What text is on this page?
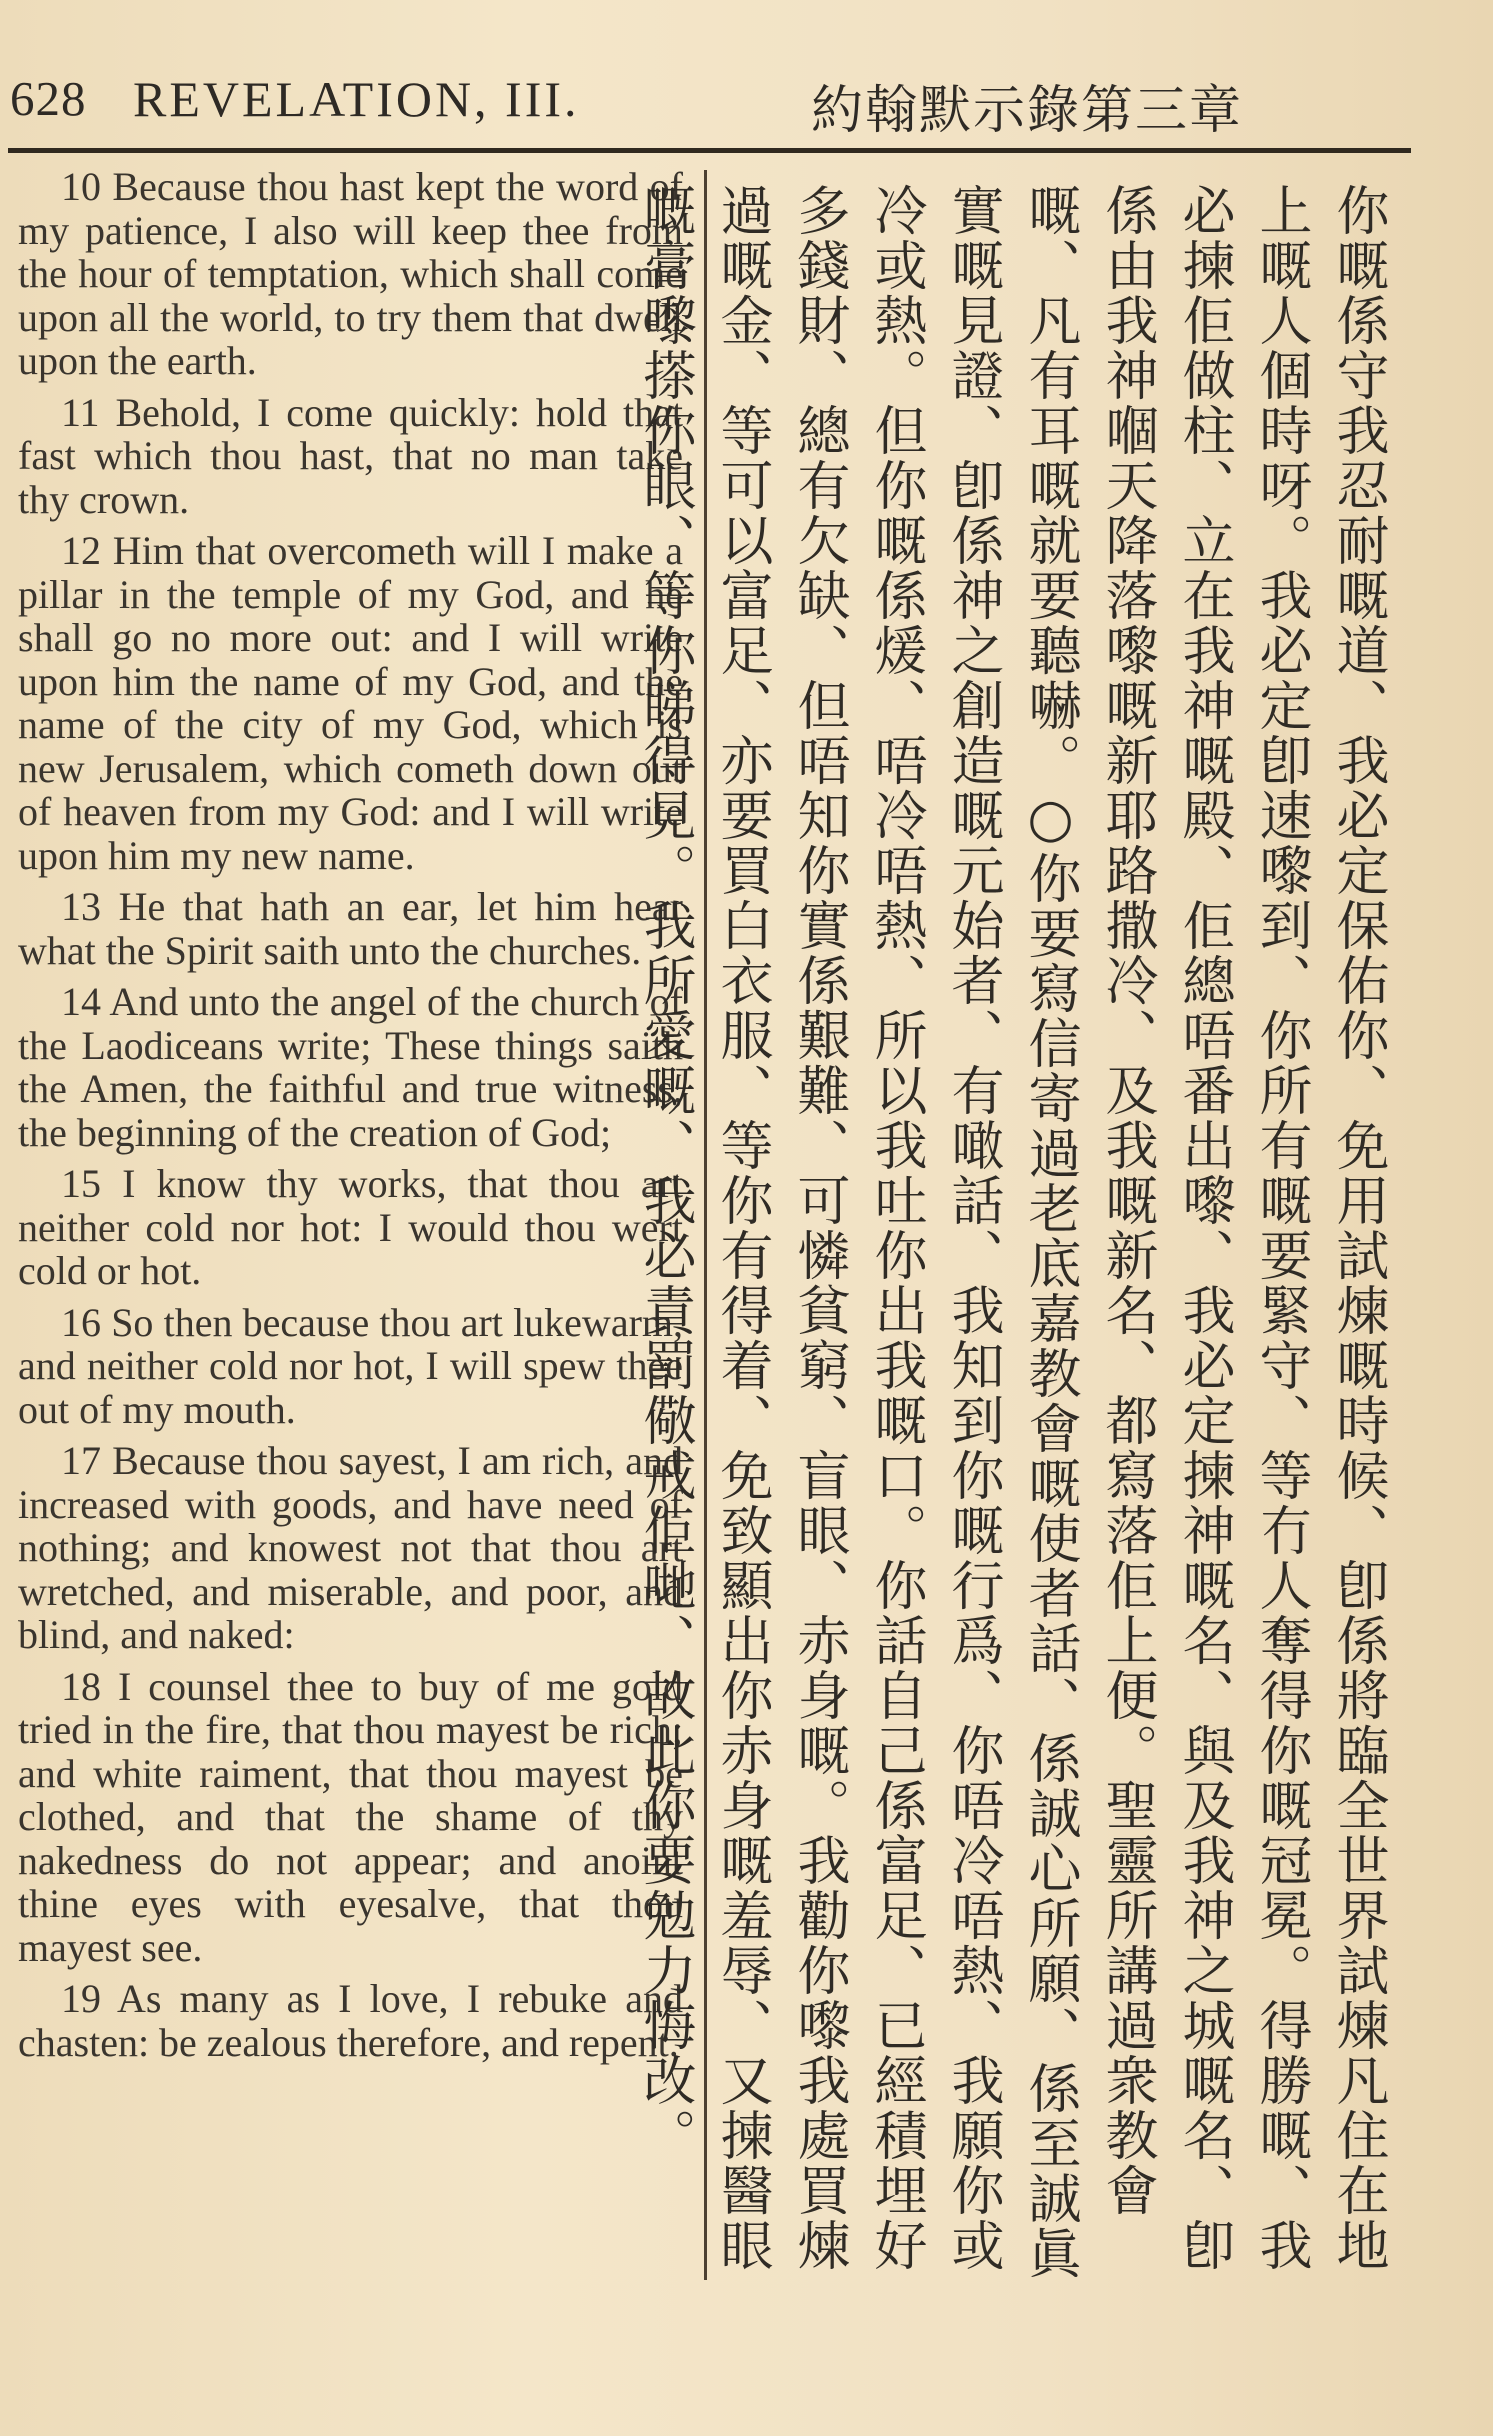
628 REVELATION, III.	約翰默示錄第三章

10 Because thou hast kept the word of my patience, I also will keep thee from the hour of temptation, which shall come upon all the world, to try them that dwell upon the earth.

11 Behold, I come quickly: hold that fast which thou hast, that no man take thy crown.

12 Him that overcometh will I make a pillar in the temple of my God, and he shall go no more out: and I will write upon him the name of my God, and the name of the city of my God, which is new Jerusalem, which cometh down out of heaven from my God: and I will write upon him my new name.

13 He that hath an ear, let him hear what the Spirit saith unto the churches.

14 And unto the angel of the church of the Laodiceans write; These things saith the Amen, the faithful and true witness, the beginning of the creation of God;

15 I know thy works, that thou art neither cold nor hot: I would thou wert cold or hot.

16 So then because thou art lukewarm, and neither cold nor hot, I will spew thee out of my mouth.

17 Because thou sayest, I am rich, and increased with goods, and have need of nothing; and knowest not that thou art wretched, and miserable, and poor, and blind, and naked:

18 I counsel thee to buy of me gold tried in the fire, that thou mayest be rich; and white raiment, that thou mayest be clothed, and that the shame of thy nakedness do not appear; and anoint thine eyes with eyesalve, that thou mayest see.

19 As many as I love, I rebuke and chasten: be zealous therefore, and repent.	你嘅係守我忍耐嘅道、我必定保佑你、免用試煉嘅時候、卽係將臨全世界試煉凡住在地上嘅人個時呀。我必定卽速嚟到、你所有嘅要緊守、等冇人奪得你嘅冠冕。得勝嘅、我必揀佢做柱、立在我神嘅殿、佢總唔番出嚟、我必定揀神嘅名、與及我神之城嘅名、卽係由我神嗰天降落嚟嘅新耶路撒冷、及我嘅新名、都寫落佢上便。聖靈所講過衆教會嘅、凡有耳嘅就要聽嚇。○你要寫信寄過老底嘉教會嘅使者話、係誠心所願、係至誠眞實嘅見證、卽係神之創造嘅元始者、有噉話、我知到你嘅行爲、你唔冷唔熱、我願你或冷或熱。但你嘅係煖、唔冷唔熱、所以我吐你出我嘅口。你話自己係富足、已經積埋好多錢財、總有欠缺、但唔知你實係艱難、可憐貧窮、盲眼、赤身嘅。我勸你嚟我處買煉過嘅金、等可以富足、亦要買白衣服、等你有得着、免致顯出你赤身嘅羞辱、又揀醫眼嘅膏嚟搽你眼、等你睇得見。我所愛嘅、我必責罰儆戒佢哋、故此你要勉力悔改。
